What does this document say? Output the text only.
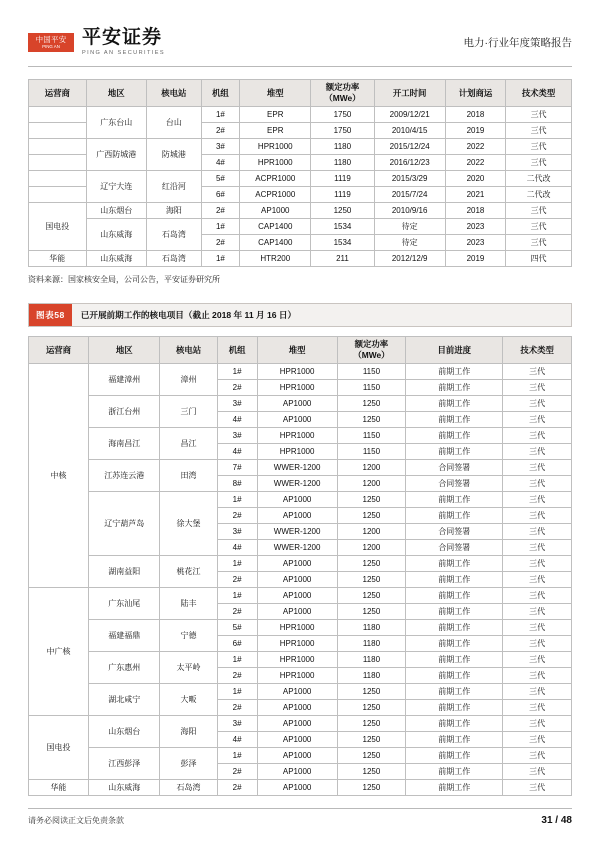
中国平安
PING AN 平安证券
PING AN SECURITIES
电力·行业年度策略报告
运营商	地区	核电站	机组	堆型	额定功率
（MWe）	开工时间	计划商运	技术类型
	广东台山	台山	1#	EPR	1750	2009/12/21	2018	三代
			2#	EPR	1750	2010/4/15	2019	三代
	广西防城港	防城港	3#	HPR1000	1180	2015/12/24	2022	三代
			4#	HPR1000	1180	2016/12/23	2022	三代
	辽宁大连	红沿河	5#	ACPR1000	1119	2015/3/29	2020	二代改
			6#	ACPR1000	1119	2015/7/24	2021	二代改
国电投	山东烟台	海阳	2#	AP1000	1250	2010/9/16	2018	三代
	山东威海	石岛湾	1#	CAP1400	1534	待定	2023	三代
			2#	CAP1400	1534	待定	2023	三代
华能	山东威海	石岛湾	1#	HTR200	211	2012/12/9	2019	四代
资料来源：国家核安全局，公司公告，平安证券研究所
图表58	已开展前期工作的核电项目（截止 2018 年 11 月 16 日）
运营商	地区	核电站	机组	堆型	额定功率
（MWe）	目前进度	技术类型
中核	福建漳州	漳州	1#	HPR1000	1150	前期工作	三代
			2#	HPR1000	1150	前期工作	三代
	浙江台州	三门	3#	AP1000	1250	前期工作	三代
			4#	AP1000	1250	前期工作	三代
	海南昌江	昌江	3#	HPR1000	1150	前期工作	三代
			4#	HPR1000	1150	前期工作	三代
	江苏连云港	田湾	7#	WWER-1200	1200	合同签署	三代
			8#	WWER-1200	1200	合同签署	三代
	辽宁葫芦岛	徐大堡	1#	AP1000	1250	前期工作	三代
			2#	AP1000	1250	前期工作	三代
			3#	WWER-1200	1200	合同签署	三代
			4#	WWER-1200	1200	合同签署	三代
	湖南益阳	桃花江	1#	AP1000	1250	前期工作	三代
			2#	AP1000	1250	前期工作	三代
中广核	广东汕尾	陆丰	1#	AP1000	1250	前期工作	三代
			2#	AP1000	1250	前期工作	三代
	福建福鼎	宁德	5#	HPR1000	1180	前期工作	三代
			6#	HPR1000	1180	前期工作	三代
	广东惠州	太平岭	1#	HPR1000	1180	前期工作	三代
			2#	HPR1000	1180	前期工作	三代
	湖北咸宁	大畈	1#	AP1000	1250	前期工作	三代
			2#	AP1000	1250	前期工作	三代
国电投	山东烟台	海阳	3#	AP1000	1250	前期工作	三代
			4#	AP1000	1250	前期工作	三代
	江西彭泽	彭泽	1#	AP1000	1250	前期工作	三代
			2#	AP1000	1250	前期工作	三代
华能	山东威海	石岛湾	2#	AP1000	1250	前期工作	三代
请务必阅读正文后免责条款	31 / 48
